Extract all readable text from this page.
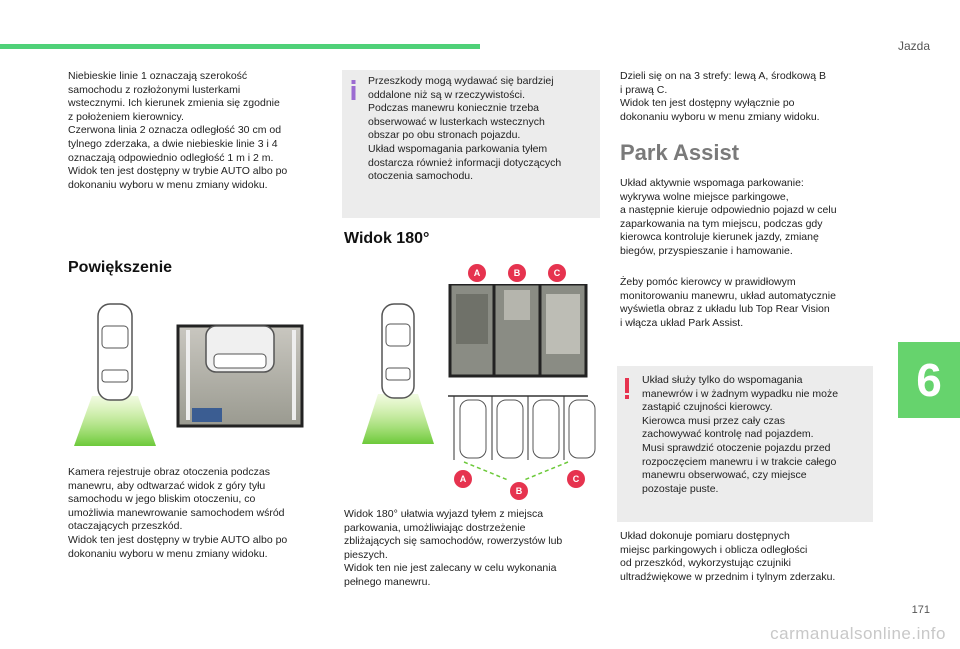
Jazda
6

Niebieskie linie 1 oznaczają szerokość
samochodu z rozłożonymi lusterkami
wstecznymi. Ich kierunek zmienia się zgodnie
z położeniem kierownicy.
Czerwona linia 2 oznacza odległość 30 cm od
tylnego zderzaka, a dwie niebieskie linie 3 i 4
oznaczają odpowiednio odległość 1 m i 2 m.
Widok ten jest dostępny w trybie AUTO albo po
dokonaniu wyboru w menu zmiany widoku.

Powiększenie

Kamera rejestruje obraz otoczenia podczas
manewru, aby odtwarzać widok z góry tyłu
samochodu w jego bliskim otoczeniu, co
umożliwia manewrowanie samochodem wśród
otaczających przeszkód.
Widok ten jest dostępny w trybie AUTO albo po
dokonaniu wyboru w menu zmiany widoku.

Przeszkody mogą wydawać się bardziej
oddalone niż są w rzeczywistości.
Podczas manewru koniecznie trzeba
obserwować w lusterkach wstecznych
obszar po obu stronach pojazdu.
Układ wspomagania parkowania tyłem
dostarcza również informacji dotyczących
otoczenia samochodu.

Widok 180°
A	B	C
A
B
C

Widok 180° ułatwia wyjazd tyłem z miejsca
parkowania, umożliwiając dostrzeżenie
zbliżających się samochodów, rowerzystów lub
pieszych.
Widok ten nie jest zalecany w celu wykonania
pełnego manewru.

Dzieli się on na 3 strefy: lewą A, środkową B
i prawą C.
Widok ten jest dostępny wyłącznie po
dokonaniu wyboru w menu zmiany widoku.

Park Assist

Układ aktywnie wspomaga parkowanie:
wykrywa wolne miejsce parkingowe,
a następnie kieruje odpowiednio pojazd w celu
zaparkowania na tym miejscu, podczas gdy
kierowca kontroluje kierunek jazdy, zmianę
biegów, przyspieszanie i hamowanie.

Żeby pomóc kierowcy w prawidłowym
monitorowaniu manewru, układ automatycznie
wyświetla obraz z układu lub Top Rear Vision
i włącza układ Park Assist.

Układ służy tylko do wspomagania
manewrów i w żadnym wypadku nie może
zastąpić czujności kierowcy.
Kierowca musi przez cały czas
zachowywać kontrolę nad pojazdem.
Musi sprawdzić otoczenie pojazdu przed
rozpoczęciem manewru i w trakcie całego
manewru obserwować, czy miejsce
pozostaje puste.

Układ dokonuje pomiaru dostępnych
miejsc parkingowych i oblicza odległości
od przeszkód, wykorzystując czujniki
ultradźwiękowe w przednim i tylnym zderzaku.

171
carmanualsonline.info
